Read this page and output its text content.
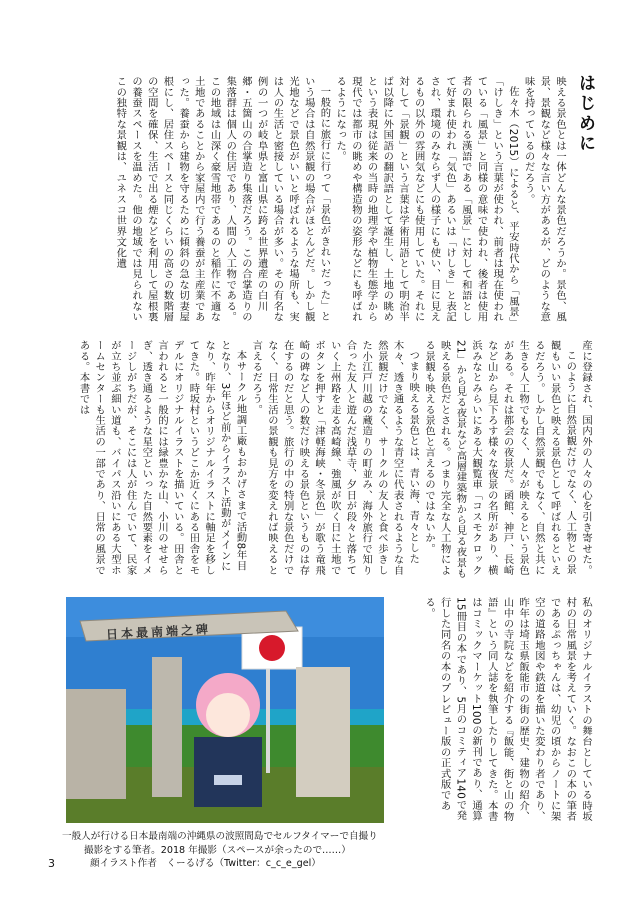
はじめに

映える景色とは一体どんな景色だろうか。景色、風景、景観など様々な言い方があるが、どのような意味を持っているのだろう。

佐々木（2015）によると、平安時代から「風景」「けしき」という言葉が使われ、前者は現在使われている「風景」と同様の意味で使われ、後者は使用者の限られる漢語である「風景」に対して和語として好まれ使われ「気色」あるいは「けしき」と表記され、環境のみならず人の様子にも使い、目に見えるもの以外の雰囲気などにも使用していた。それに対して「景観」という言葉は学術用語として明治半ば以降に外国語の翻訳語として誕生し、土地の眺めという表現は従来の当時の地理学や植物生態学から現代では都市の眺めや構造物の姿形などにも呼ばれるようになった。

一般的に旅行に行って「景色がきれいだった」という場合は自然景観の場合がほとんどだ。しかし観光地などで景色がいいと呼ばれるような場所も、実は人の生活と密接している場合が多い。その有名な例の一つが岐阜県と富山県に跨る世界遺産の白川郷・五箇山の合掌造り集落だろう。この合掌造りの集落群は個人の住居であり、人間の人工物である。この地域は山深く豪雪地帯であるのと稲作に不適な土地であることから家屋内で行う養蚕が主産業であった。養蚕から建物を守るために傾斜の急な切妻屋根にし、居住スペースと同じくらいの高さの数階層の空間を確保、生活で出る煙などを利用して屋根裏の養蚕スペースを温めた。他の地域では見られないこの独特な景観は、ユネスコ世界文化遺

産に登録され、国内外の人々の心を引き寄せた。

このように自然景観だけでなく、人工物との景観もいい景色と映える景色として呼ばれるといえるだろう。しかし自然景観でもなく、自然と共に生きる人工物でもなく、人々が映えるという景色がある。それは都会の夜景だ。函館、神戸、長崎など山から見下ろす様々な夜景の名所があり、横浜みなとみらいにある大観覧車「コスモクロック21」から見る夜景など高層建築物から見る夜景も映える景色だとされる。つまり完全な人工物による景観も映える景色と言えるのではないか。

つまり映える景色とは、青い海、青々とした木々、透き通るような青空に代表されるような自然景観だけでなく、サークルの友人と食べ歩きした小江戸川越の蔵造りの町並み、海外旅行で知り合った友人と遊んだ浅草寺、夕日が段々と落ちていく上州路を走る高崎線、強風が吹く日に土地でボタンを押すと「津軽海峡・冬景色」が歌う竜飛崎の碑など人の数だけ映える景色というものは存在するのだと思う。旅行の中の特別な景色だけでなく、日常生活の景観も見方を変えれば映えると言えるだろう。

本サークル地調工廠もおかげさまで活動8年目となり、3年ほど前からイラスト活動がメインになり、昨年からオリジナルイラストに軸足を移してきた。時坂村というどこか近くにある田舎をモデルにオリジナルイラストを描いている。田舎と言われると一般的には緑豊かな山、小川のせせらぎ、透き通るような星空といった自然要素をイメージしがちだが、そこには人が住んでいて、民家が立ち並ぶ細い道も、バイパス沿いにある大型ホームセンターも生活の一部であり、日常の風景である。本書では

私のオリジナルイラストの舞台としている時坂村の日常風景を考えていく。なおこの本の筆者であるぷっちゃんは、幼児の頃からノートに架空の道路地図や鉄道を描いた変わり者であり、昨年は埼玉県飯能市の街の歴史、建物の紹介、山中の寺院などを紹介する『飯能、街と山の物語』という同人誌を執筆したりしてきた。本書はコミックマーケット100の新刊であり、通算15冊目の本であり、5月のコミティア140で発行した同名の本のプレビュー版の正式版である。

日本最南端之碑
一般人が行ける日本最南端の沖縄県の波照間島でセルフタイマーで自撮り
撮影をする筆者。2018 年撮影（スペースが余ったので……）
顔イラスト作者　くーるげる（Twitter：c_c_e_gel）
3
